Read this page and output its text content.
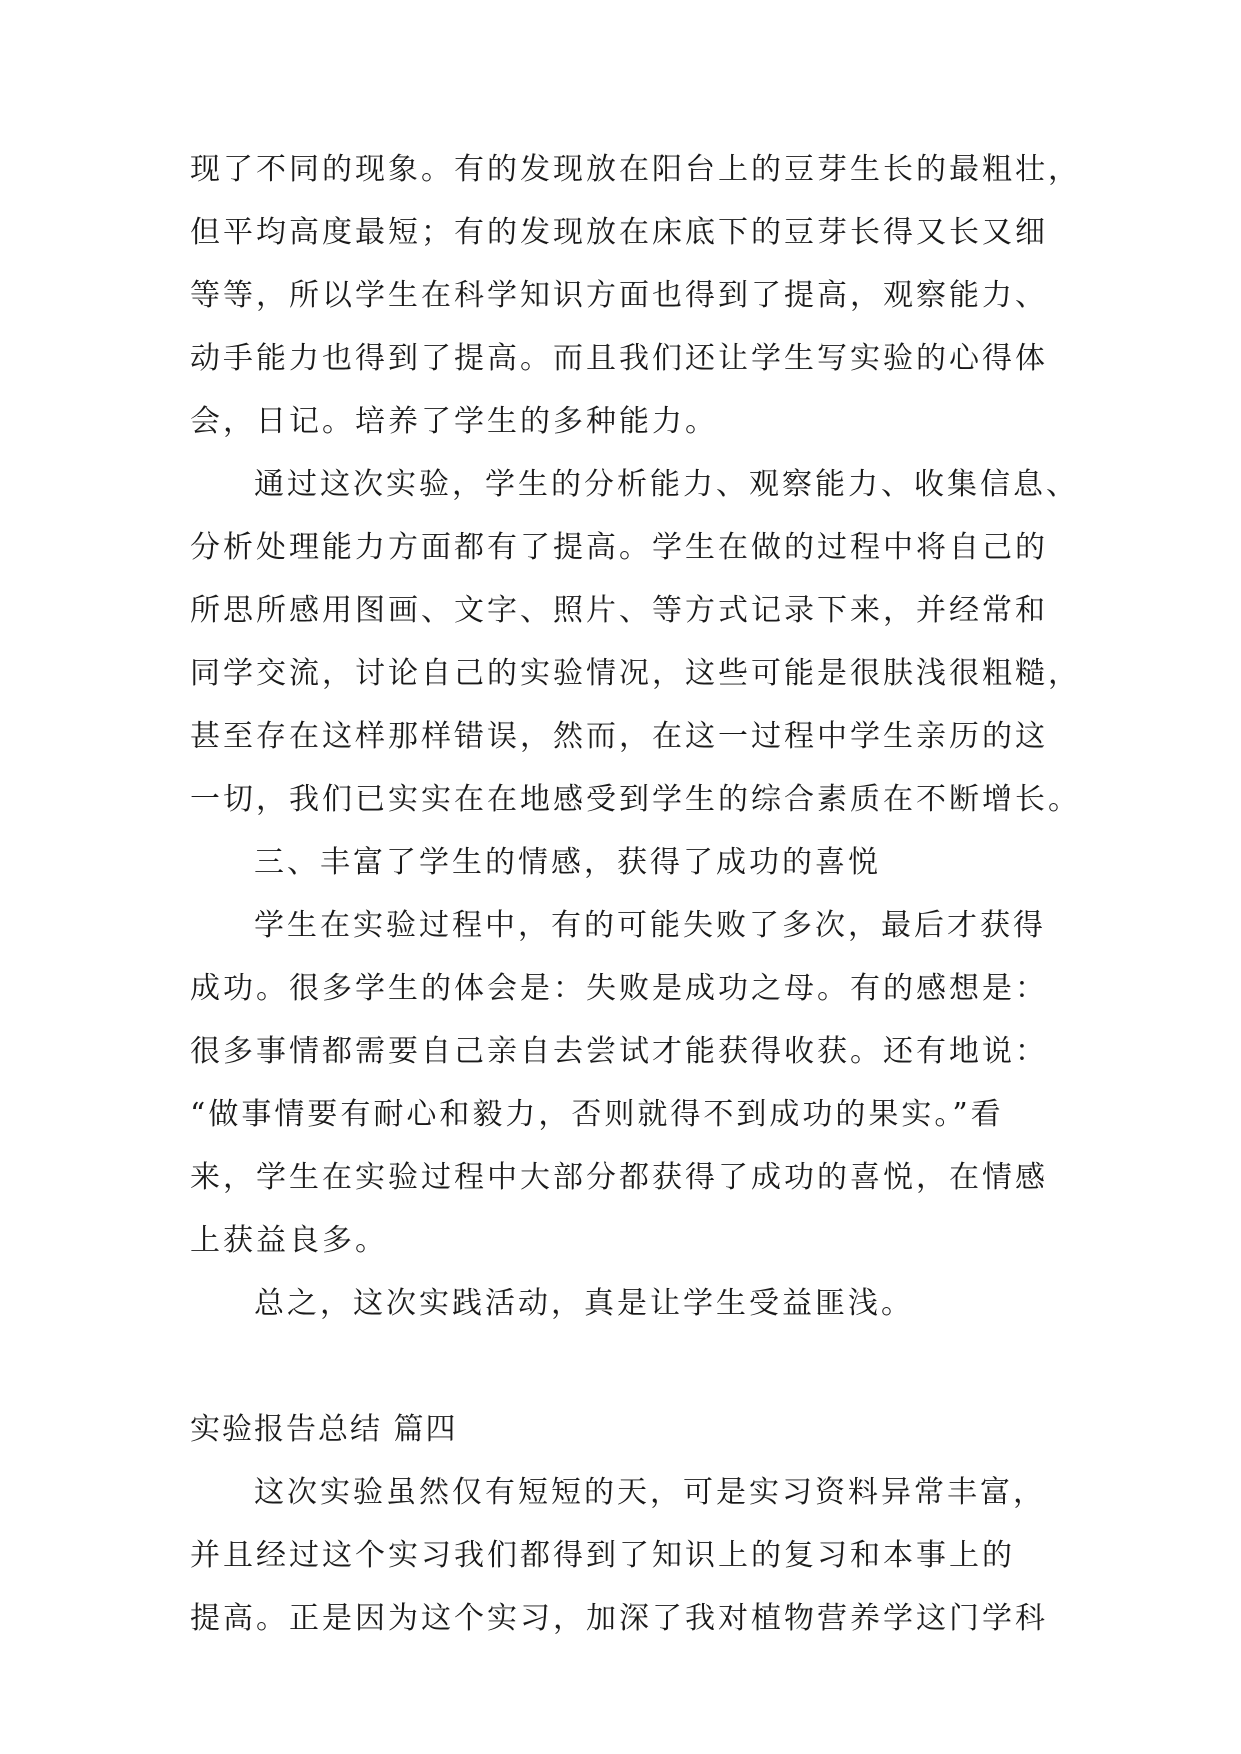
现了不同的现象。有的发现放在阳台上的豆芽生长的最粗壮，
但平均高度最短；有的发现放在床底下的豆芽长得又长又细
等等，所以学生在科学知识方面也得到了提高，观察能力、
动手能力也得到了提高。而且我们还让学生写实验的心得体
会，日记。培养了学生的多种能力。
通过这次实验，学生的分析能力、观察能力、收集信息、
分析处理能力方面都有了提高。学生在做的过程中将自己的
所思所感用图画、文字、照片、等方式记录下来，并经常和
同学交流，讨论自己的实验情况，这些可能是很肤浅很粗糙，
甚至存在这样那样错误，然而，在这一过程中学生亲历的这
一切，我们已实实在在地感受到学生的综合素质在不断增长。
三、丰富了学生的情感，获得了成功的喜悦
学生在实验过程中，有的可能失败了多次，最后才获得
成功。很多学生的体会是：失败是成功之母。有的感想是：
很多事情都需要自己亲自去尝试才能获得收获。还有地说：
“做事情要有耐心和毅力，否则就得不到成功的果实。”看
来，学生在实验过程中大部分都获得了成功的喜悦，在情感
上获益良多。
总之，这次实践活动，真是让学生受益匪浅。
实验报告总结 篇四
这次实验虽然仅有短短的天，可是实习资料异常丰富，
并且经过这个实习我们都得到了知识上的复习和本事上的
提高。正是因为这个实习，加深了我对植物营养学这门学科
